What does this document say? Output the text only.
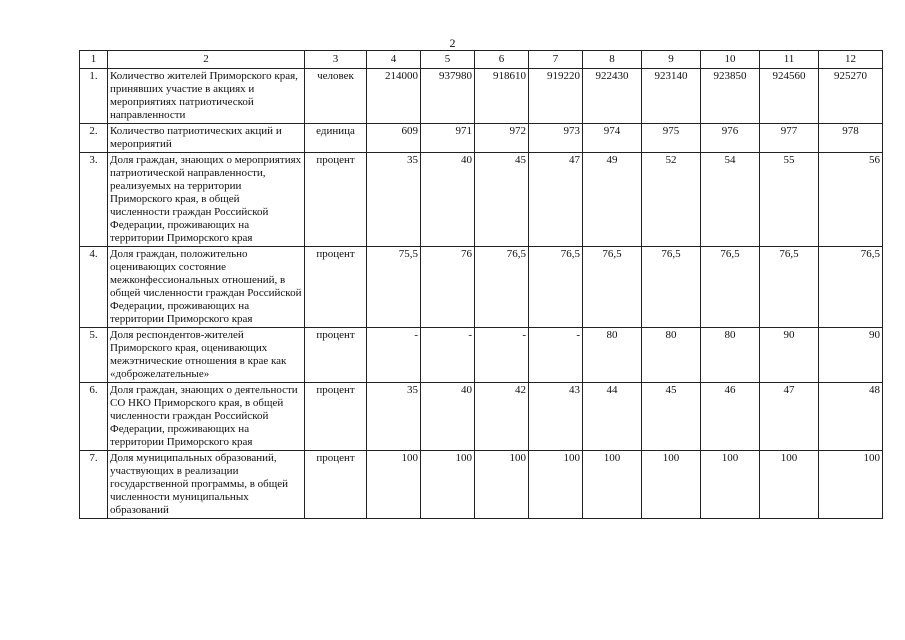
2
1	2	3	4	5	6	7	8	9	10	11	12
1.	Количество жителей Приморского края, принявших участие в акциях и мероприятиях патриотической направленности	человек	214000	937980	918610	919220	922430	923140	923850	924560	925270
2.	Количество патриотических акций и мероприятий	единица	609	971	972	973	974	975	976	977	978
3.	Доля граждан, знающих о мероприятиях патриотической направленности, реализуемых на территории Приморского края, в общей численности граждан Российской Федерации, проживающих на территории Приморского края	процент	35	40	45	47	49	52	54	55	56
4.	Доля граждан, положительно оценивающих состояние межконфессиональных отношений, в общей численности граждан Российской Федерации, проживающих на территории Приморского края	процент	75,5	76	76,5	76,5	76,5	76,5	76,5	76,5	76,5
5.	Доля респондентов-жителей Приморского края, оценивающих межэтнические отношения в крае как «доброжелательные»	процент	-	-	-	-	80	80	80	90	90
6.	Доля граждан, знающих о деятельности СО НКО Приморского края, в общей численности граждан Российской Федерации, проживающих на территории Приморского края	процент	35	40	42	43	44	45	46	47	48
7.	Доля муниципальных образований, участвующих в реализации государственной программы, в общей численности муниципальных образований	процент	100	100	100	100	100	100	100	100	100
